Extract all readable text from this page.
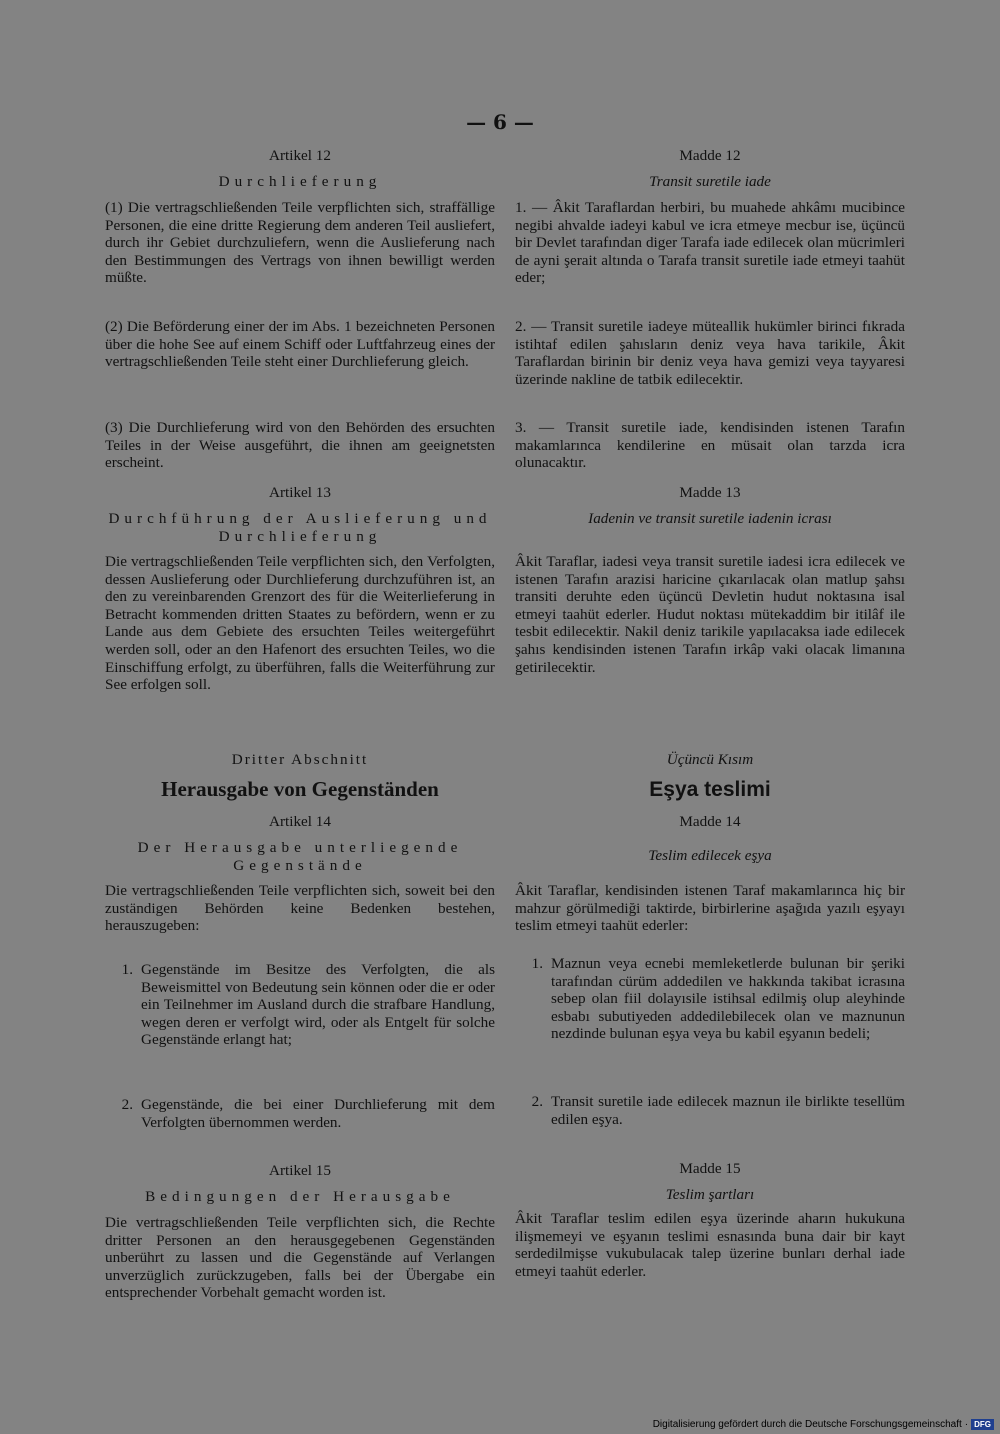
— 6 —
Artikel 12
Durchlieferung
(1) Die vertragschließenden Teile verpflichten sich, straffällige Personen, die eine dritte Regierung dem anderen Teil ausliefert, durch ihr Gebiet durchzuliefern, wenn die Auslieferung nach den Bestimmungen des Vertrags von ihnen bewilligt werden müßte.
(2) Die Beförderung einer der im Abs. 1 bezeichneten Personen über die hohe See auf einem Schiff oder Luftfahrzeug eines der vertragschließenden Teile steht einer Durchlieferung gleich.
(3) Die Durchlieferung wird von den Behörden des ersuchten Teiles in der Weise ausgeführt, die ihnen am geeignetsten erscheint.
Artikel 13
Durchführung der Auslieferung und Durchlieferung
Die vertragschließenden Teile verpflichten sich, den Verfolgten, dessen Auslieferung oder Durchlieferung durchzuführen ist, an den zu vereinbarenden Grenzort des für die Weiterlieferung in Betracht kommenden dritten Staates zu befördern, wenn er zu Lande aus dem Gebiete des ersuchten Teiles weitergeführt werden soll, oder an den Hafenort des ersuchten Teiles, wo die Einschiffung erfolgt, zu überführen, falls die Weiterführung zur See erfolgen soll.
Dritter Abschnitt
Herausgabe von Gegenständen
Artikel 14
Der Herausgabe unterliegende Gegenstände
Die vertragschließenden Teile verpflichten sich, soweit bei den zuständigen Behörden keine Bedenken bestehen, herauszugeben:
1. Gegenstände im Besitze des Verfolgten, die als Beweismittel von Bedeutung sein können oder die er oder ein Teilnehmer im Ausland durch die strafbare Handlung, wegen deren er verfolgt wird, oder als Entgelt für solche Gegenstände erlangt hat;
2. Gegenstände, die bei einer Durchlieferung mit dem Verfolgten übernommen werden.
Artikel 15
Bedingungen der Herausgabe
Die vertragschließenden Teile verpflichten sich, die Rechte dritter Personen an den herausgegebenen Gegenständen unberührt zu lassen und die Gegenstände auf Verlangen unverzüglich zurückzugeben, falls bei der Übergabe ein entsprechender Vorbehalt gemacht worden ist.
Madde 12
Transit suretile iade
1. — Âkit Taraflardan herbiri, bu muahede ahkâmı mucibince negibi ahvalde iadeyi kabul ve icra etmeye mecbur ise, üçüncü bir Devlet tarafından diger Tarafa iade edilecek olan mücrimleri de ayni şerait altında o Tarafa transit suretile iade etmeyi taahüt eder;
2. — Transit suretile iadeye müteallik hukümler birinci fıkrada istihtaf edilen şahısların deniz veya hava tarikile, Âkit Taraflardan birinin bir deniz veya hava gemizi veya tayyaresi üzerinde nakline de tatbik edilecektir.
3. — Transit suretile iade, kendisinden istenen Tarafın makamlarınca kendilerine en müsait olan tarzda icra olunacaktır.
Madde 13
Iadenin ve transit suretile iadenin icrası
Âkit Taraflar, iadesi veya transit suretile iadesi icra edilecek ve istenen Tarafın arazisi haricine çıkarılacak olan matlup şahsı transiti deruhte eden üçüncü Devletin hudut noktasına isal etmeyi taahüt ederler. Hudut noktası mütekaddim bir itilâf ile tesbit edilecektir. Nakil deniz tarikile yapılacaksa iade edilecek şahıs kendisinden istenen Tarafın irkâp vaki olacak limanına getirilecektir.
Üçüncü Kısım
Eşya teslimi
Madde 14
Teslim edilecek eşya
Âkit Taraflar, kendisinden istenen Taraf makamlarınca hiç bir mahzur görülmediği taktirde, birbirlerine aşağıda yazılı eşyayı teslim etmeyi taahüt ederler:
1. Maznun veya ecnebi memleketlerde bulunan bir şeriki tarafından cürüm addedilen ve hakkında takibat icrasına sebep olan fiil dolayısile istihsal edilmiş olup aleyhinde esbabı subutiyeden addedilebilecek olan ve maznunun nezdinde bulunan eşya veya bu kabil eşyanın bedeli;
2. Transit suretile iade edilecek maznun ile birlikte tesellüm edilen eşya.
Madde 15
Teslim şartları
Âkit Taraflar teslim edilen eşya üzerinde aharın hukukuna ilişmemeyi ve eşyanın teslimi esnasında buna dair bir kayt serdedilmişse vukubulacak talep üzerine bunları derhal iade etmeyi taahüt ederler.
Digitalisierung gefördert durch die Deutsche Forschungsgemeinschaft · DFG
